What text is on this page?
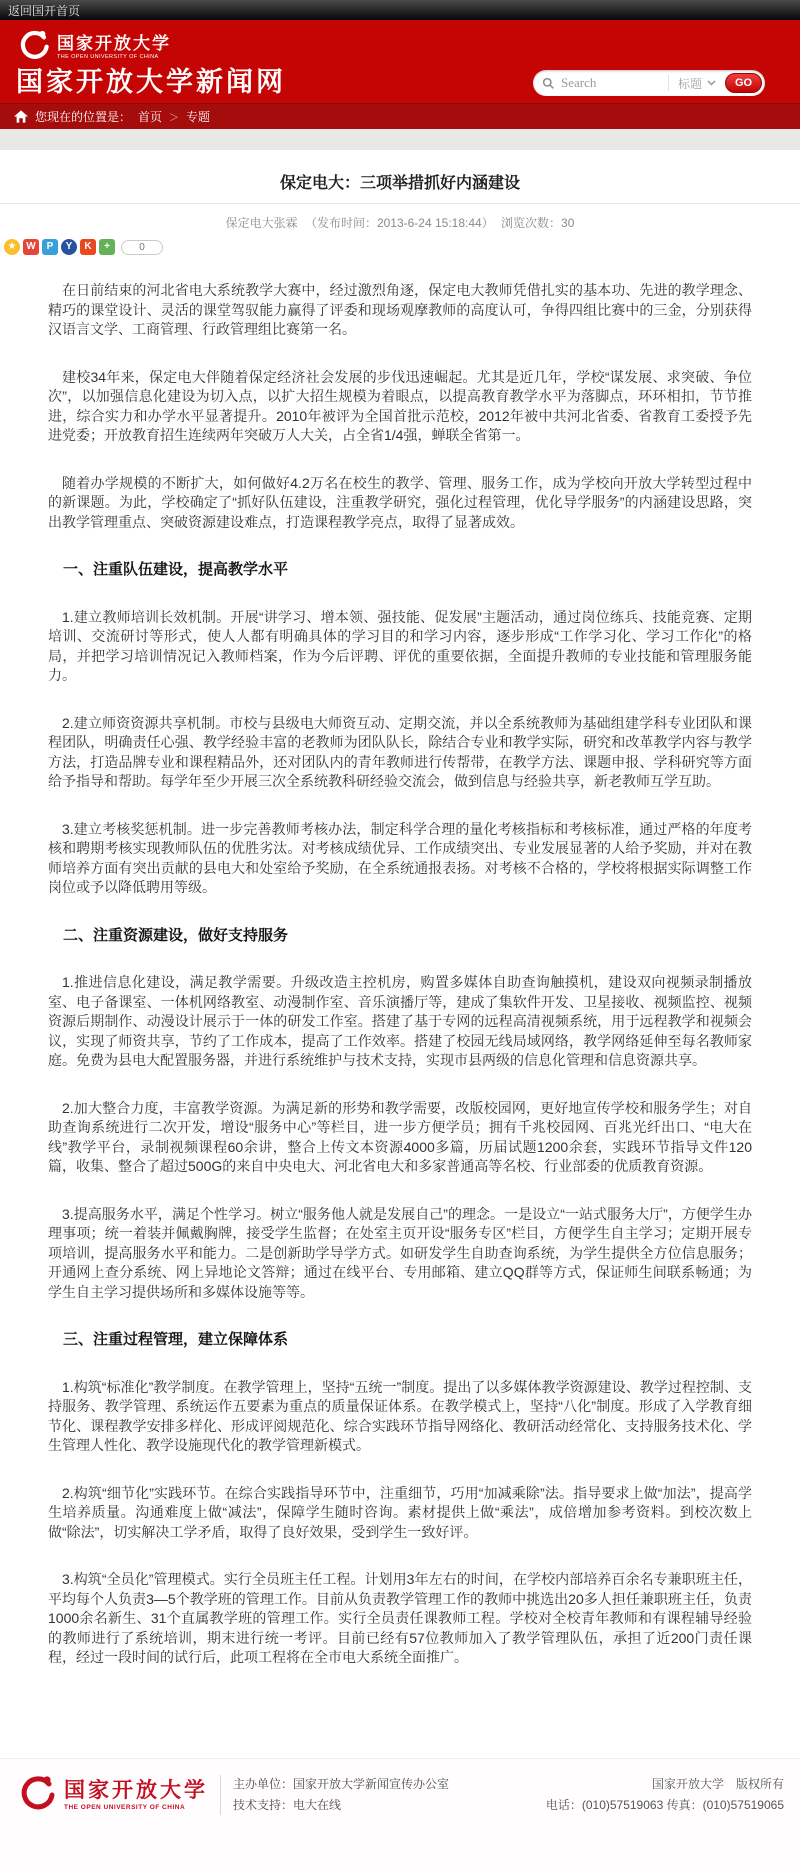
返回国开首页
国家开放大学
THE OPEN UNIVERSITY OF CHINA
国家开放大学新闻网
Search	标题	GO
您现在的位置是： 首页 ＞ 专题
保定电大：三项举措抓好内涵建设
保定电大张霖 （发布时间：2013-6-24 15:18:44） 浏览次数：30
★ W	P	Y	K	+	0

在日前结束的河北省电大系统教学大赛中，经过激烈角逐，保定电大教师凭借扎实的基本功、先进的教学理念、精巧的课堂设计、灵活的课堂驾驭能力赢得了评委和现场观摩教师的高度认可，争得四组比赛中的三金，分别获得汉语言文学、工商管理、行政管理组比赛第一名。

建校34年来，保定电大伴随着保定经济社会发展的步伐迅速崛起。尤其是近几年，学校“谋发展、求突破、争位次”，以加强信息化建设为切入点，以扩大招生规模为着眼点，以提高教育教学水平为落脚点，环环相扣，节节推进，综合实力和办学水平显著提升。2010年被评为全国首批示范校，2012年被中共河北省委、省教育工委授予先进党委；开放教育招生连续两年突破万人大关，占全省1/4强，蝉联全省第一。

随着办学规模的不断扩大，如何做好4.2万名在校生的教学、管理、服务工作，成为学校向开放大学转型过程中的新课题。为此，学校确定了“抓好队伍建设，注重教学研究，强化过程管理，优化导学服务”的内涵建设思路，突出教学管理重点、突破资源建设难点，打造课程教学亮点，取得了显著成效。

一、注重队伍建设，提高教学水平

1.建立教师培训长效机制。开展“讲学习、增本领、强技能、促发展”主题活动，通过岗位练兵、技能竞赛、定期培训、交流研讨等形式，使人人都有明确具体的学习目的和学习内容，逐步形成“工作学习化、学习工作化”的格局，并把学习培训情况记入教师档案，作为今后评聘、评优的重要依据，全面提升教师的专业技能和管理服务能力。

2.建立师资资源共享机制。市校与县级电大师资互动、定期交流，并以全系统教师为基础组建学科专业团队和课程团队，明确责任心强、教学经验丰富的老教师为团队队长，除结合专业和教学实际，研究和改革教学内容与教学方法，打造品牌专业和课程精品外，还对团队内的青年教师进行传帮带，在教学方法、课题申报、学科研究等方面给予指导和帮助。每学年至少开展三次全系统教科研经验交流会，做到信息与经验共享，新老教师互学互助。

3.建立考核奖惩机制。进一步完善教师考核办法，制定科学合理的量化考核指标和考核标准，通过严格的年度考核和聘期考核实现教师队伍的优胜劣汰。对考核成绩优异、工作成绩突出、专业发展显著的人给予奖励，并对在教师培养方面有突出贡献的县电大和处室给予奖励，在全系统通报表扬。对考核不合格的，学校将根据实际调整工作岗位或予以降低聘用等级。

二、注重资源建设，做好支持服务

1.推进信息化建设，满足教学需要。升级改造主控机房，购置多媒体自助查询触摸机，建设双向视频录制播放室、电子备课室、一体机网络教室、动漫制作室、音乐演播厅等，建成了集软件开发、卫星接收、视频监控、视频资源后期制作、动漫设计展示于一体的研发工作室。搭建了基于专网的远程高清视频系统，用于远程教学和视频会议，实现了师资共享，节约了工作成本，提高了工作效率。搭建了校园无线局域网络，教学网络延伸至每名教师家庭。免费为县电大配置服务器，并进行系统维护与技术支持，实现市县两级的信息化管理和信息资源共享。

2.加大整合力度，丰富教学资源。为满足新的形势和教学需要，改版校园网，更好地宣传学校和服务学生；对自助查询系统进行二次开发，增设“服务中心”等栏目，进一步方便学员；拥有千兆校园网、百兆光纤出口、“电大在线”教学平台，录制视频课程60余讲，整合上传文本资源4000多篇，历届试题1200余套，实践环节指导文件120篇，收集、整合了超过500G的来自中央电大、河北省电大和多家普通高等名校、行业部委的优质教育资源。

3.提高服务水平，满足个性学习。树立“服务他人就是发展自己”的理念。一是设立“一站式服务大厅”，方便学生办理事项；统一着装并佩戴胸牌，接受学生监督；在处室主页开设“服务专区”栏目，方便学生自主学习；定期开展专项培训，提高服务水平和能力。二是创新助学导学方式。如研发学生自助查询系统，为学生提供全方位信息服务；开通网上查分系统、网上异地论文答辩；通过在线平台、专用邮箱、建立QQ群等方式，保证师生间联系畅通；为学生自主学习提供场所和多媒体设施等等。

三、注重过程管理，建立保障体系

1.构筑“标准化”教学制度。在教学管理上，坚持“五统一”制度。提出了以多媒体教学资源建设、教学过程控制、支持服务、教学管理、系统运作五要素为重点的质量保证体系。在教学模式上，坚持“八化”制度。形成了入学教育细节化、课程教学安排多样化、形成评阅规范化、综合实践环节指导网络化、教研活动经常化、支持服务技术化、学生管理人性化、教学设施现代化的教学管理新模式。

2.构筑“细节化”实践环节。在综合实践指导环节中，注重细节，巧用“加减乘除”法。指导要求上做“加法”，提高学生培养质量。沟通难度上做“减法”，保障学生随时咨询。素材提供上做“乘法”，成倍增加参考资料。到校次数上做“除法”，切实解决工学矛盾，取得了良好效果，受到学生一致好评。

3.构筑“全员化”管理模式。实行全员班主任工程。计划用3年左右的时间，在学校内部培养百余名专兼职班主任，平均每个人负责3—5个教学班的管理工作。目前从负责教学管理工作的教师中挑选出20多人担任兼职班主任，负责1000余名新生、31个直属教学班的管理工作。实行全员责任课教师工程。学校对全校青年教师和有课程辅导经验的教师进行了系统培训，期末进行统一考评。目前已经有57位教师加入了教学管理队伍，承担了近200门责任课程，经过一段时间的试行后，此项工程将在全市电大系统全面推广。

国家开放大学
THE OPEN UNIVERSITY OF CHINA
主办单位：国家开放大学新闻宣传办公室
技术支持：电大在线
国家开放大学　版权所有
电话：(010)57519063 传真：(010)57519065
